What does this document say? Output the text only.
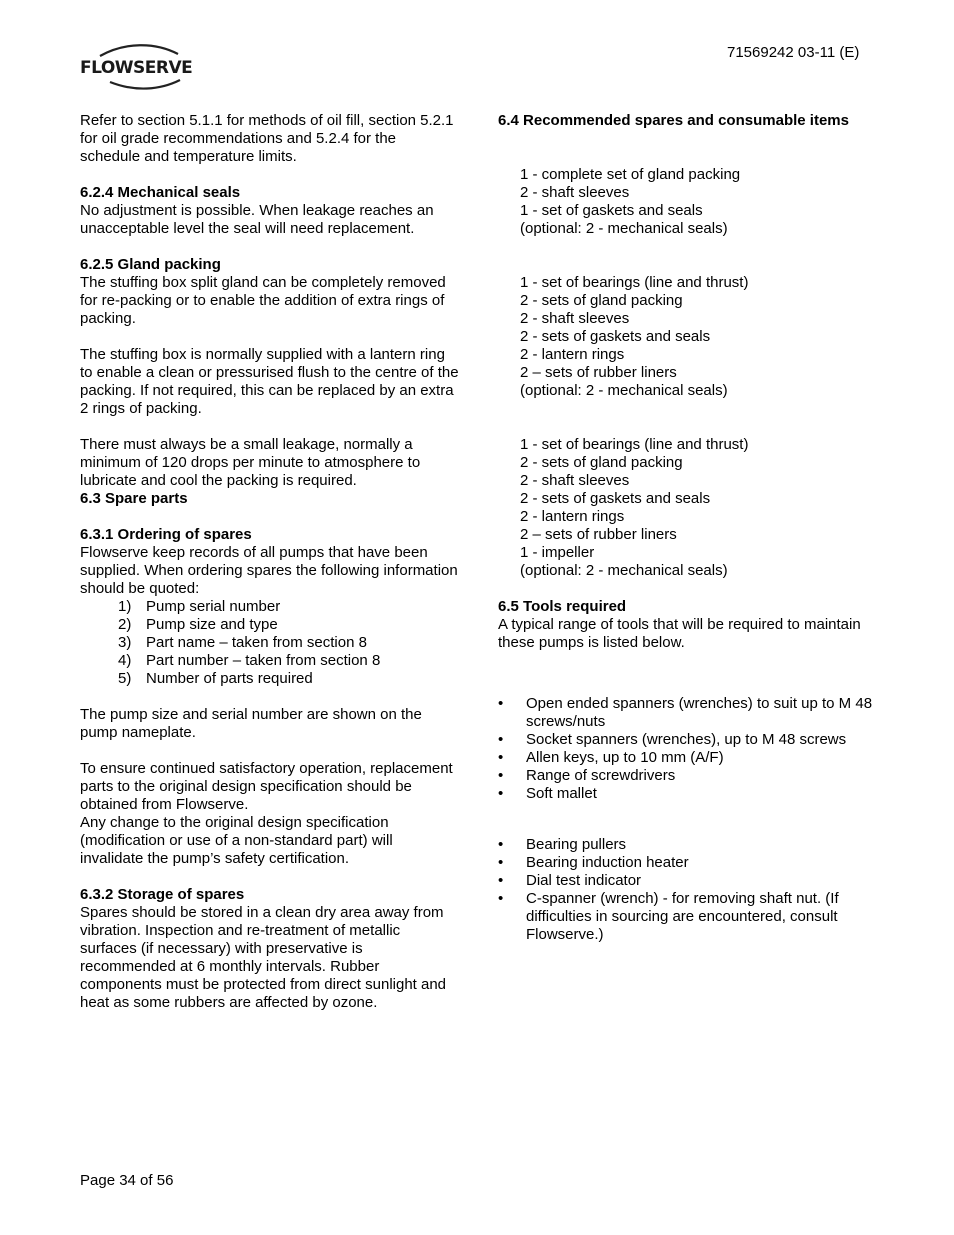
FLOWSERVE
71569242 03-11 (E)

Refer to section 5.1.1 for methods of oil fill, section 5.2.1 for oil grade recommendations and 5.2.4 for the schedule and temperature limits.

6.2.4 Mechanical seals

No adjustment is possible. When leakage reaches an unacceptable level the seal will need replacement.

6.2.5 Gland packing

The stuffing box split gland can be completely removed for re-packing or to enable the addition of extra rings of packing.

The stuffing box is normally supplied with a lantern ring to enable a clean or pressurised flush to the centre of the packing. If not required, this can be replaced by an extra 2 rings of packing.

There must always be a small leakage, normally a minimum of 120 drops per minute to atmosphere to lubricate and cool the packing is required.

6.3 Spare parts

6.3.1 Ordering of spares

Flowserve keep records of all pumps that have been supplied. When ordering spares the following information should be quoted:

1) Pump serial number
2) Pump size and type
3) Part name – taken from section 8
4) Part number – taken from section 8
5) Number of parts required

The pump size and serial number are shown on the pump nameplate.

To ensure continued satisfactory operation, replacement parts to the original design specification should be obtained from Flowserve.

Any change to the original design specification (modification or use of a non-standard part) will invalidate the pump’s safety certification.

6.3.2 Storage of spares

Spares should be stored in a clean dry area away from vibration. Inspection and re-treatment of metallic surfaces (if necessary) with preservative is recommended at 6 monthly intervals. Rubber components must be protected from direct sunlight and heat as some rubbers are affected by ozone.

6.4 Recommended spares and consumable items

1 - complete set of gland packing

2 - shaft sleeves

1 - set of gaskets and seals

(optional: 2 - mechanical seals)

1 - set of bearings (line and thrust)

2 - sets of gland packing

2 - shaft sleeves

2 - sets of gaskets and seals

2 - lantern rings

2 – sets of rubber liners

(optional: 2 - mechanical seals)

1 - set of bearings (line and thrust)

2 - sets of gland packing

2 - shaft sleeves

2 - sets of gaskets and seals

2 - lantern rings

2 – sets of rubber liners

1 - impeller

(optional: 2 - mechanical seals)

6.5 Tools required

A typical range of tools that will be required to maintain these pumps is listed below.

• Open ended spanners (wrenches) to suit up to M 48 screws/nuts
• Socket spanners (wrenches), up to M 48 screws
• Allen keys, up to 10 mm (A/F)
• Range of screwdrivers
• Soft mallet
• Bearing pullers
• Bearing induction heater
• Dial test indicator
• C-spanner (wrench) - for removing shaft nut. (If difficulties in sourcing are encountered, consult Flowserve.)
Page 34 of 56
